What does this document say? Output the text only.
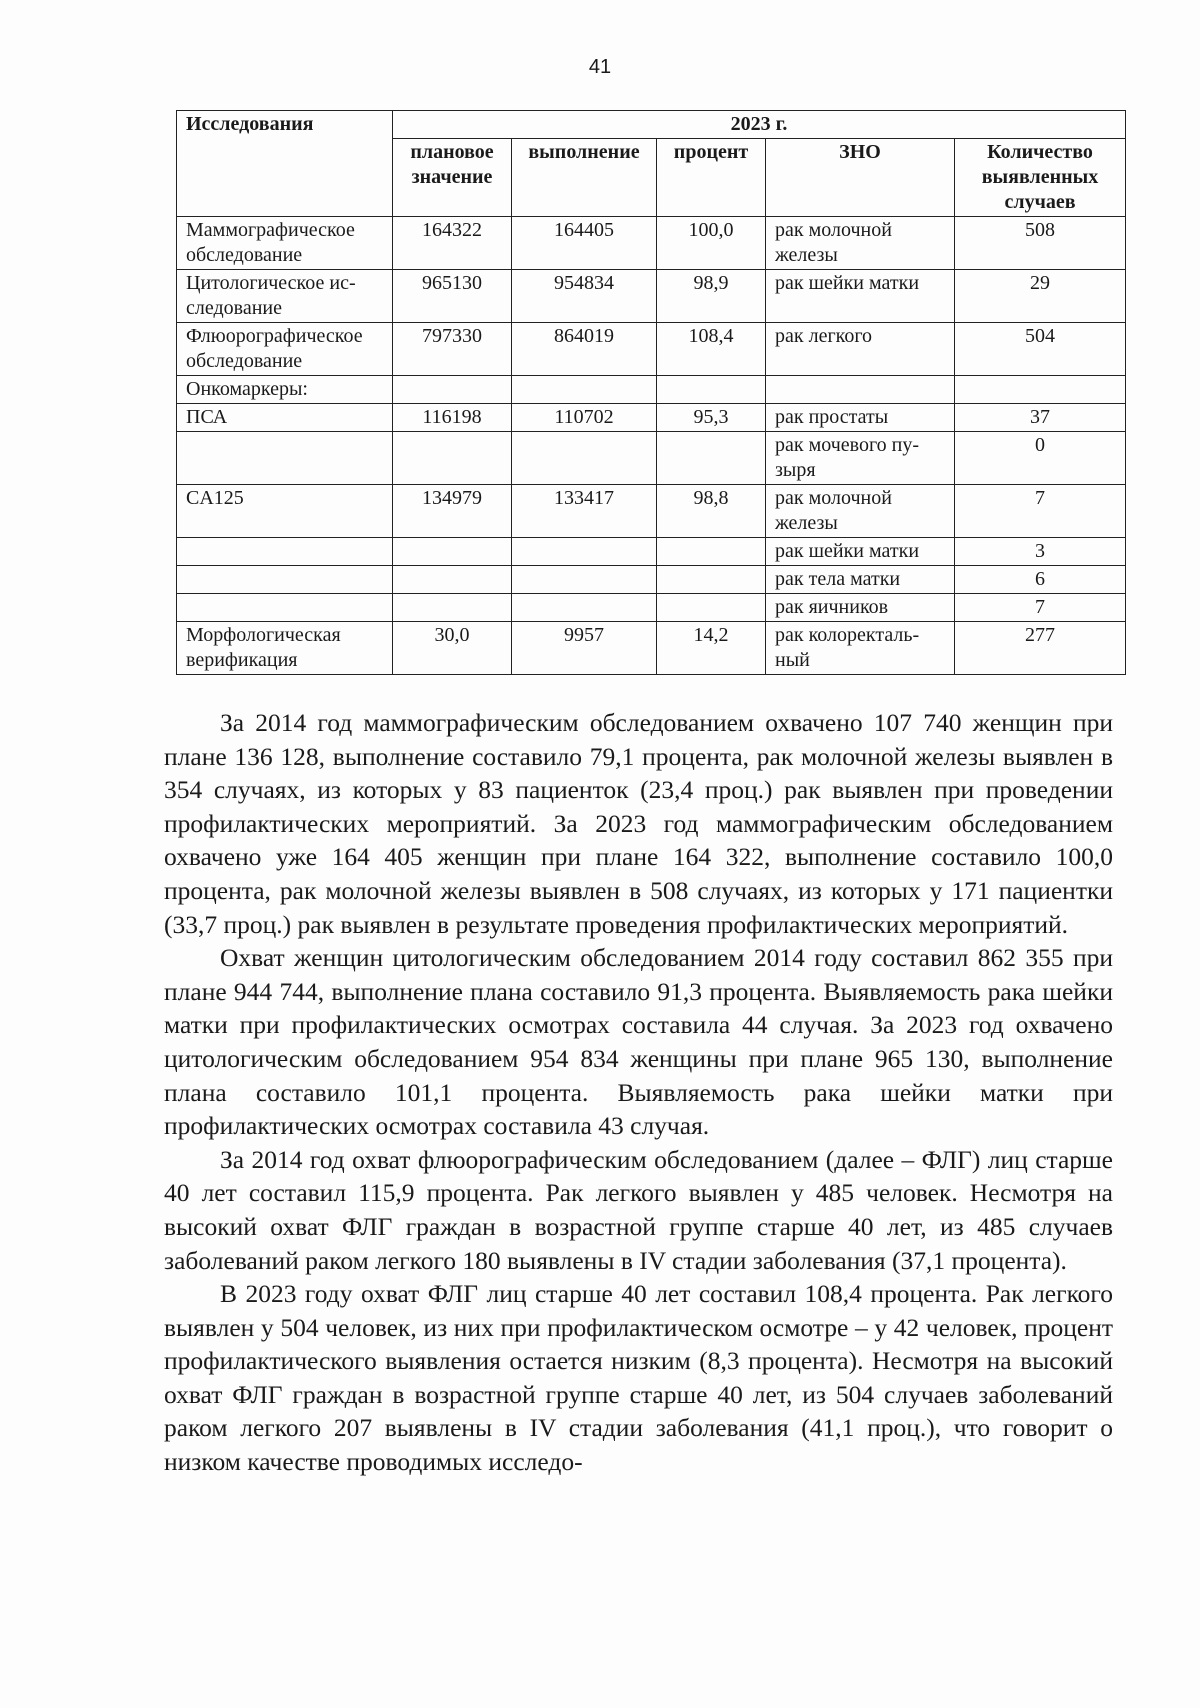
41
Исследования	2023 г.				
	плановое значение	выполнение	процент	ЗНО	Количество выявленных случаев
Маммографическое обследование	164322	164405	100,0	рак молочной железы	508
Цитологическое ис-следование	965130	954834	98,9	рак шейки матки	29
Флюорографическое обследование	797330	864019	108,4	рак легкого	504
Онкомаркеры:					
ПСА	116198	110702	95,3	рак простаты	37
				рак мочевого пу-зыря	0
CA125	134979	133417	98,8	рак молочной железы	7
				рак шейки матки	3
				рак тела матки	6
				рак яичников	7
Морфологическая верификация	30,0	9957	14,2	рак колоректаль-ный	277

За 2014 год маммографическим обследованием охвачено 107 740 женщин при плане 136 128, выполнение составило 79,1 процента, рак молочной железы выявлен в 354 случаях, из которых у 83 пациенток (23,4 проц.) рак выявлен при проведении профилактических мероприятий. За 2023 год маммографическим обследованием охвачено уже 164 405 женщин при плане 164 322, выполнение составило 100,0 процента, рак молочной железы выявлен в 508 случаях, из которых у 171 пациентки (33,7 проц.) рак выявлен в результате проведения профилактических мероприятий.

Охват женщин цитологическим обследованием 2014 году составил 862 355 при плане 944 744, выполнение плана составило 91,3 процента. Выявляемость рака шейки матки при профилактических осмотрах составила 44 случая. За 2023 год охвачено цитологическим обследованием 954 834 женщины при плане 965 130, выполнение плана составило 101,1 процента. Выявляемость рака шейки матки при профилактических осмотрах составила 43 случая.

За 2014 год охват флюорографическим обследованием (далее – ФЛГ) лиц старше 40 лет составил 115,9 процента. Рак легкого выявлен у 485 человек. Несмотря на высокий охват ФЛГ граждан в возрастной группе старше 40 лет, из 485 случаев заболеваний раком легкого 180 выявлены в IV стадии заболевания (37,1 процента).

В 2023 году охват ФЛГ лиц старше 40 лет составил 108,4 процента. Рак легкого выявлен у 504 человек, из них при профилактическом осмотре – у 42 человек, процент профилактического выявления остается низким (8,3 процента). Несмотря на высокий охват ФЛГ граждан в возрастной группе старше 40 лет, из 504 случаев заболеваний раком легкого 207 выявлены в IV стадии заболевания (41,1 проц.), что говорит о низком качестве проводимых исследо-
